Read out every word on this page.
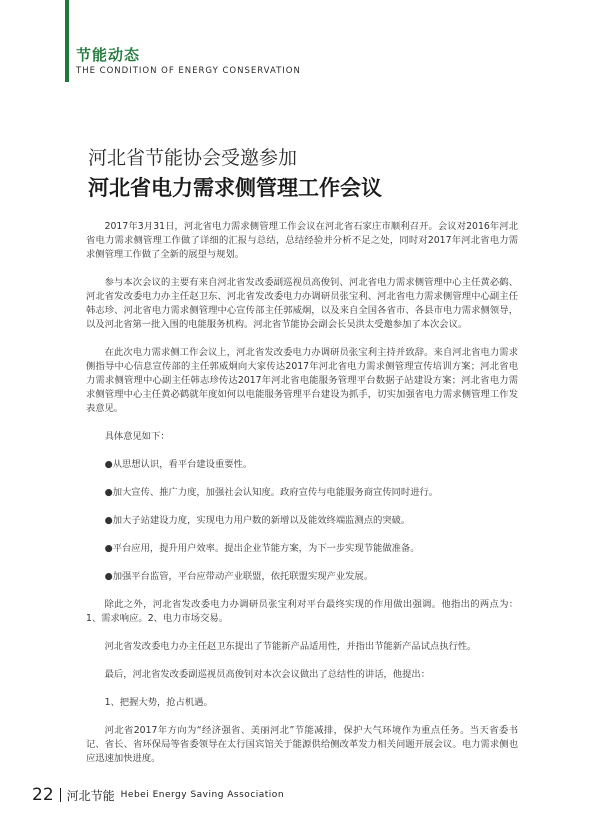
节能动态
THE CONDITION OF ENERGY CONSERVATION
河北省节能协会受邀参加
河北省电力需求侧管理工作会议

2017年3月31日，河北省电力需求侧管理工作会议在河北省石家庄市顺利召开。会议对2016年河北省电力需求侧管理工作做了详细的汇报与总结，总结经验并分析不足之处，同时对2017年河北省电力需求侧管理工作做了全新的展望与规划。

参与本次会议的主要有来自河北省发改委副巡视员高俊钊、河北省电力需求侧管理中心主任黄必鹤、河北省发改委电力办主任赵卫东、河北省发改委电力办调研员张宝利、河北省电力需求侧管理中心副主任韩志珍、河北省电力需求侧管理中心宣传部主任郭威炯，以及来自全国各省市、各县市电力需求侧领导，以及河北省第一批入围的电能服务机构。河北省节能协会副会长吴洪太受邀参加了本次会议。

在此次电力需求侧工作会议上，河北省发改委电力办调研员张宝利主持并致辞。来自河北省电力需求侧指导中心信息宣传部的主任郭威炯向大家传达2017年河北省电力需求侧管理宣传培训方案；河北省电力需求侧管理中心副主任韩志珍传达2017年河北省电能服务管理平台数据子站建设方案；河北省电力需求侧管理中心主任黄必鹤就年度如何以电能服务管理平台建设为抓手，切实加强省电力需求侧管理工作发表意见。

具体意见如下：

●从思想认识，看平台建设重要性。

●加大宣传、推广力度，加强社会认知度。政府宣传与电能服务商宣传同时进行。

●加大子站建设力度，实现电力用户数的新增以及能效终端监测点的突破。

●平台应用，提升用户效率。提出企业节能方案，为下一步实现节能做准备。

●加强平台监管，平台应带动产业联盟，依托联盟实现产业发展。

除此之外，河北省发改委电力办调研员张宝利对平台最终实现的作用做出强调。他指出的两点为：1、需求响应。2、电力市场交易。

河北省发改委电力办主任赵卫东提出了节能新产品适用性，并指出节能新产品试点执行性。

最后，河北省发改委副巡视员高俊钊对本次会议做出了总结性的讲话，他提出：

1、把握大势，抢占机遇。

河北省2017年方向为“经济强省、美丽河北”节能减排，保护大气环境作为重点任务。当天省委书记、省长、省环保局等省委领导在太行国宾馆关于能源供给侧改革发力相关问题开展会议。电力需求侧也应迅速加快进度。

22 河北节能 Hebei Energy Saving Association
